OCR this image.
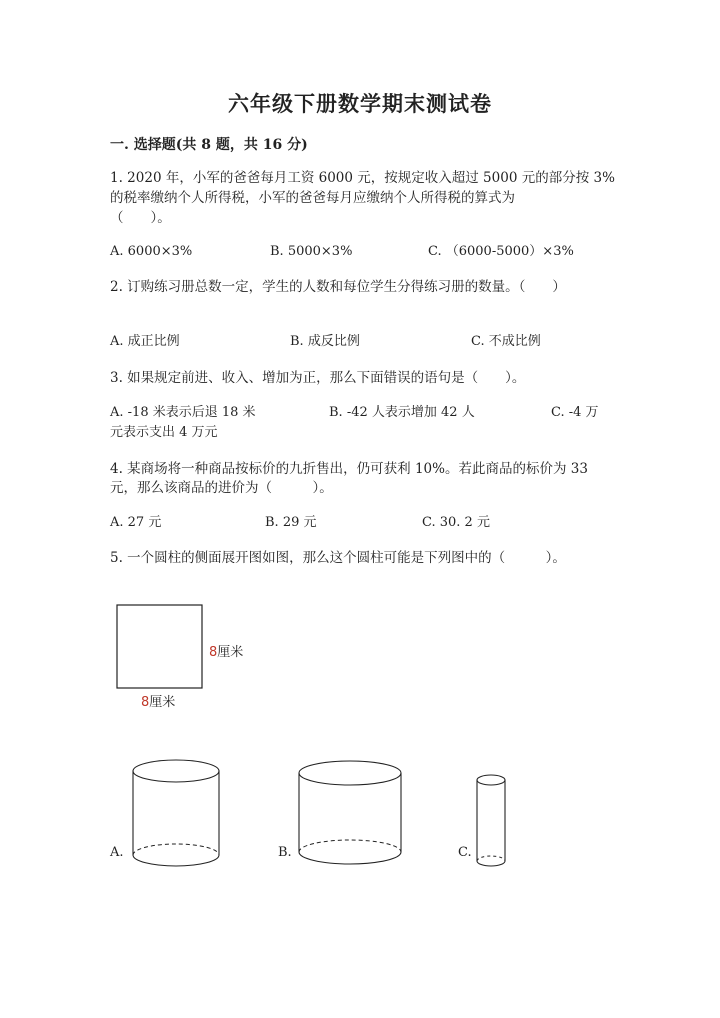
六年级下册数学期末测试卷
一. 选择题(共 8 题，共 16 分)
1. 2020 年，小军的爸爸每月工资 6000 元，按规定收入超过 5000 元的部分按 3%
的税率缴纳个人所得税，小军的爸爸每月应缴纳个人所得税的算式为
（　　）。
A. 6000×3%	B. 5000×3%	C. （6000-5000）×3%
2. 订购练习册总数一定，学生的人数和每位学生分得练习册的数量。（　　）
A. 成正比例	B. 成反比例	C. 不成比例
3. 如果规定前进、收入、增加为正，那么下面错误的语句是（　　）。
A. -18 米表示后退 18 米	B. -42 人表示增加 42 人	C. -4 万
元表示支出 4 万元
4. 某商场将一种商品按标价的九折售出，仍可获利 10%。若此商品的标价为 33
元，那么该商品的进价为（　　　）。
A. 27 元	B. 29 元	C. 30. 2 元
5. 一个圆柱的侧面展开图如图，那么这个圆柱可能是下列图中的（　　　）。
8厘米
8厘米
A.	B.	C.
